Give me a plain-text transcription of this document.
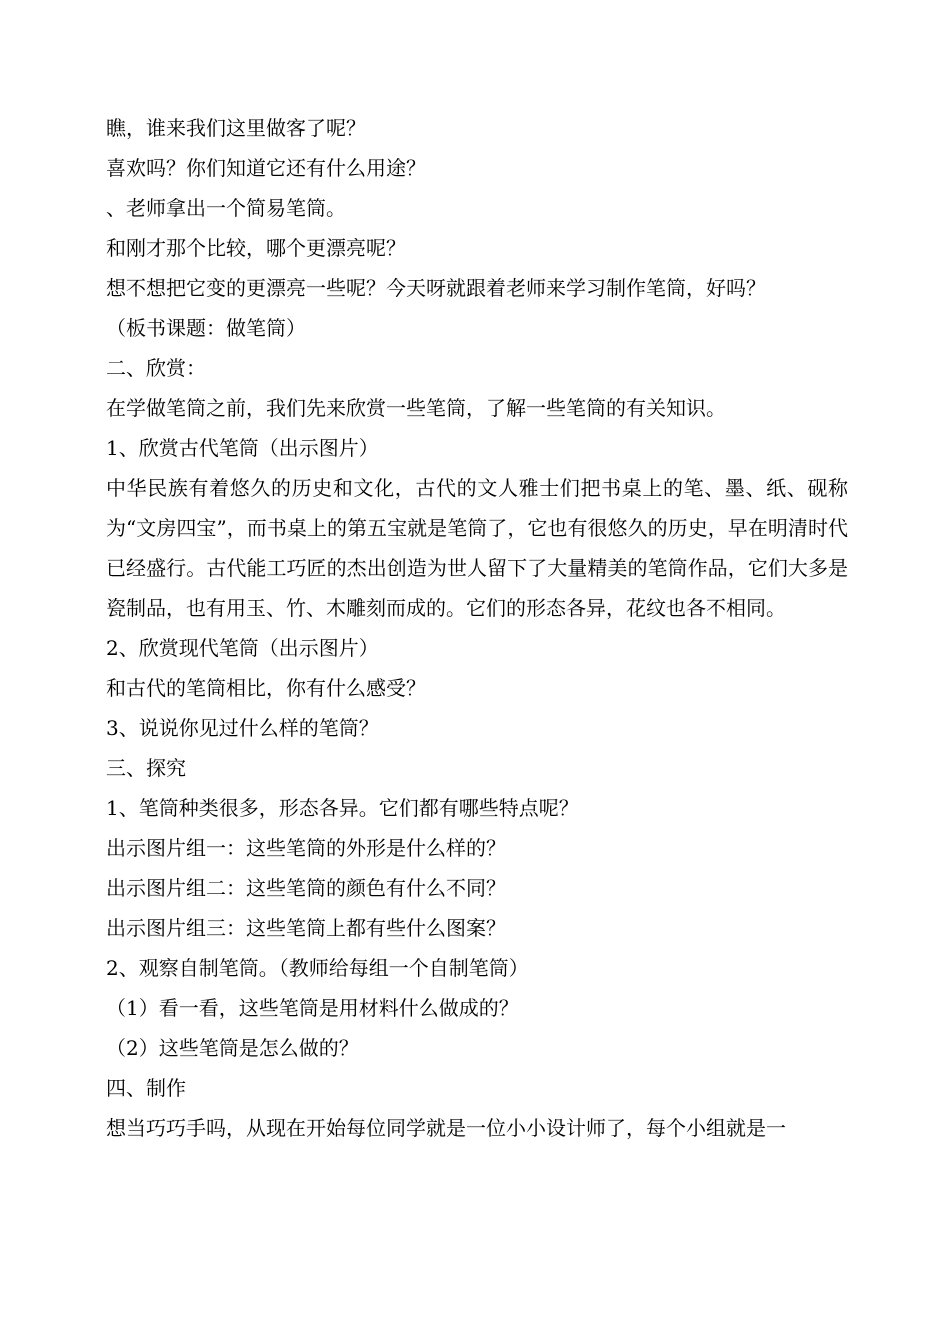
瞧，谁来我们这里做客了呢？
喜欢吗？你们知道它还有什么用途？
、老师拿出一个简易笔筒。
和刚才那个比较，哪个更漂亮呢？
想不想把它变的更漂亮一些呢？今天呀就跟着老师来学习制作笔筒，好吗？
（板书课题：做笔筒）
二、欣赏：
在学做笔筒之前，我们先来欣赏一些笔筒，了解一些笔筒的有关知识。
1、欣赏古代笔筒（出示图片）
中华民族有着悠久的历史和文化，古代的文人雅士们把书桌上的笔、墨、纸、砚称为“文房四宝”，而书桌上的第五宝就是笔筒了，它也有很悠久的历史，早在明清时代已经盛行。古代能工巧匠的杰出创造为世人留下了大量精美的笔筒作品，它们大多是瓷制品，也有用玉、竹、木雕刻而成的。它们的形态各异，花纹也各不相同。
2、欣赏现代笔筒（出示图片）
和古代的笔筒相比，你有什么感受？
3、说说你见过什么样的笔筒？
三、探究
1、笔筒种类很多，形态各异。它们都有哪些特点呢？
出示图片组一：这些笔筒的外形是什么样的？
出示图片组二：这些笔筒的颜色有什么不同？
出示图片组三：这些笔筒上都有些什么图案？
2、观察自制笔筒。（教师给每组一个自制笔筒）
（1）看一看，这些笔筒是用材料什么做成的？
（2）这些笔筒是怎么做的？
四、制作
想当巧巧手吗，从现在开始每位同学就是一位小小设计师了，每个小组就是一
